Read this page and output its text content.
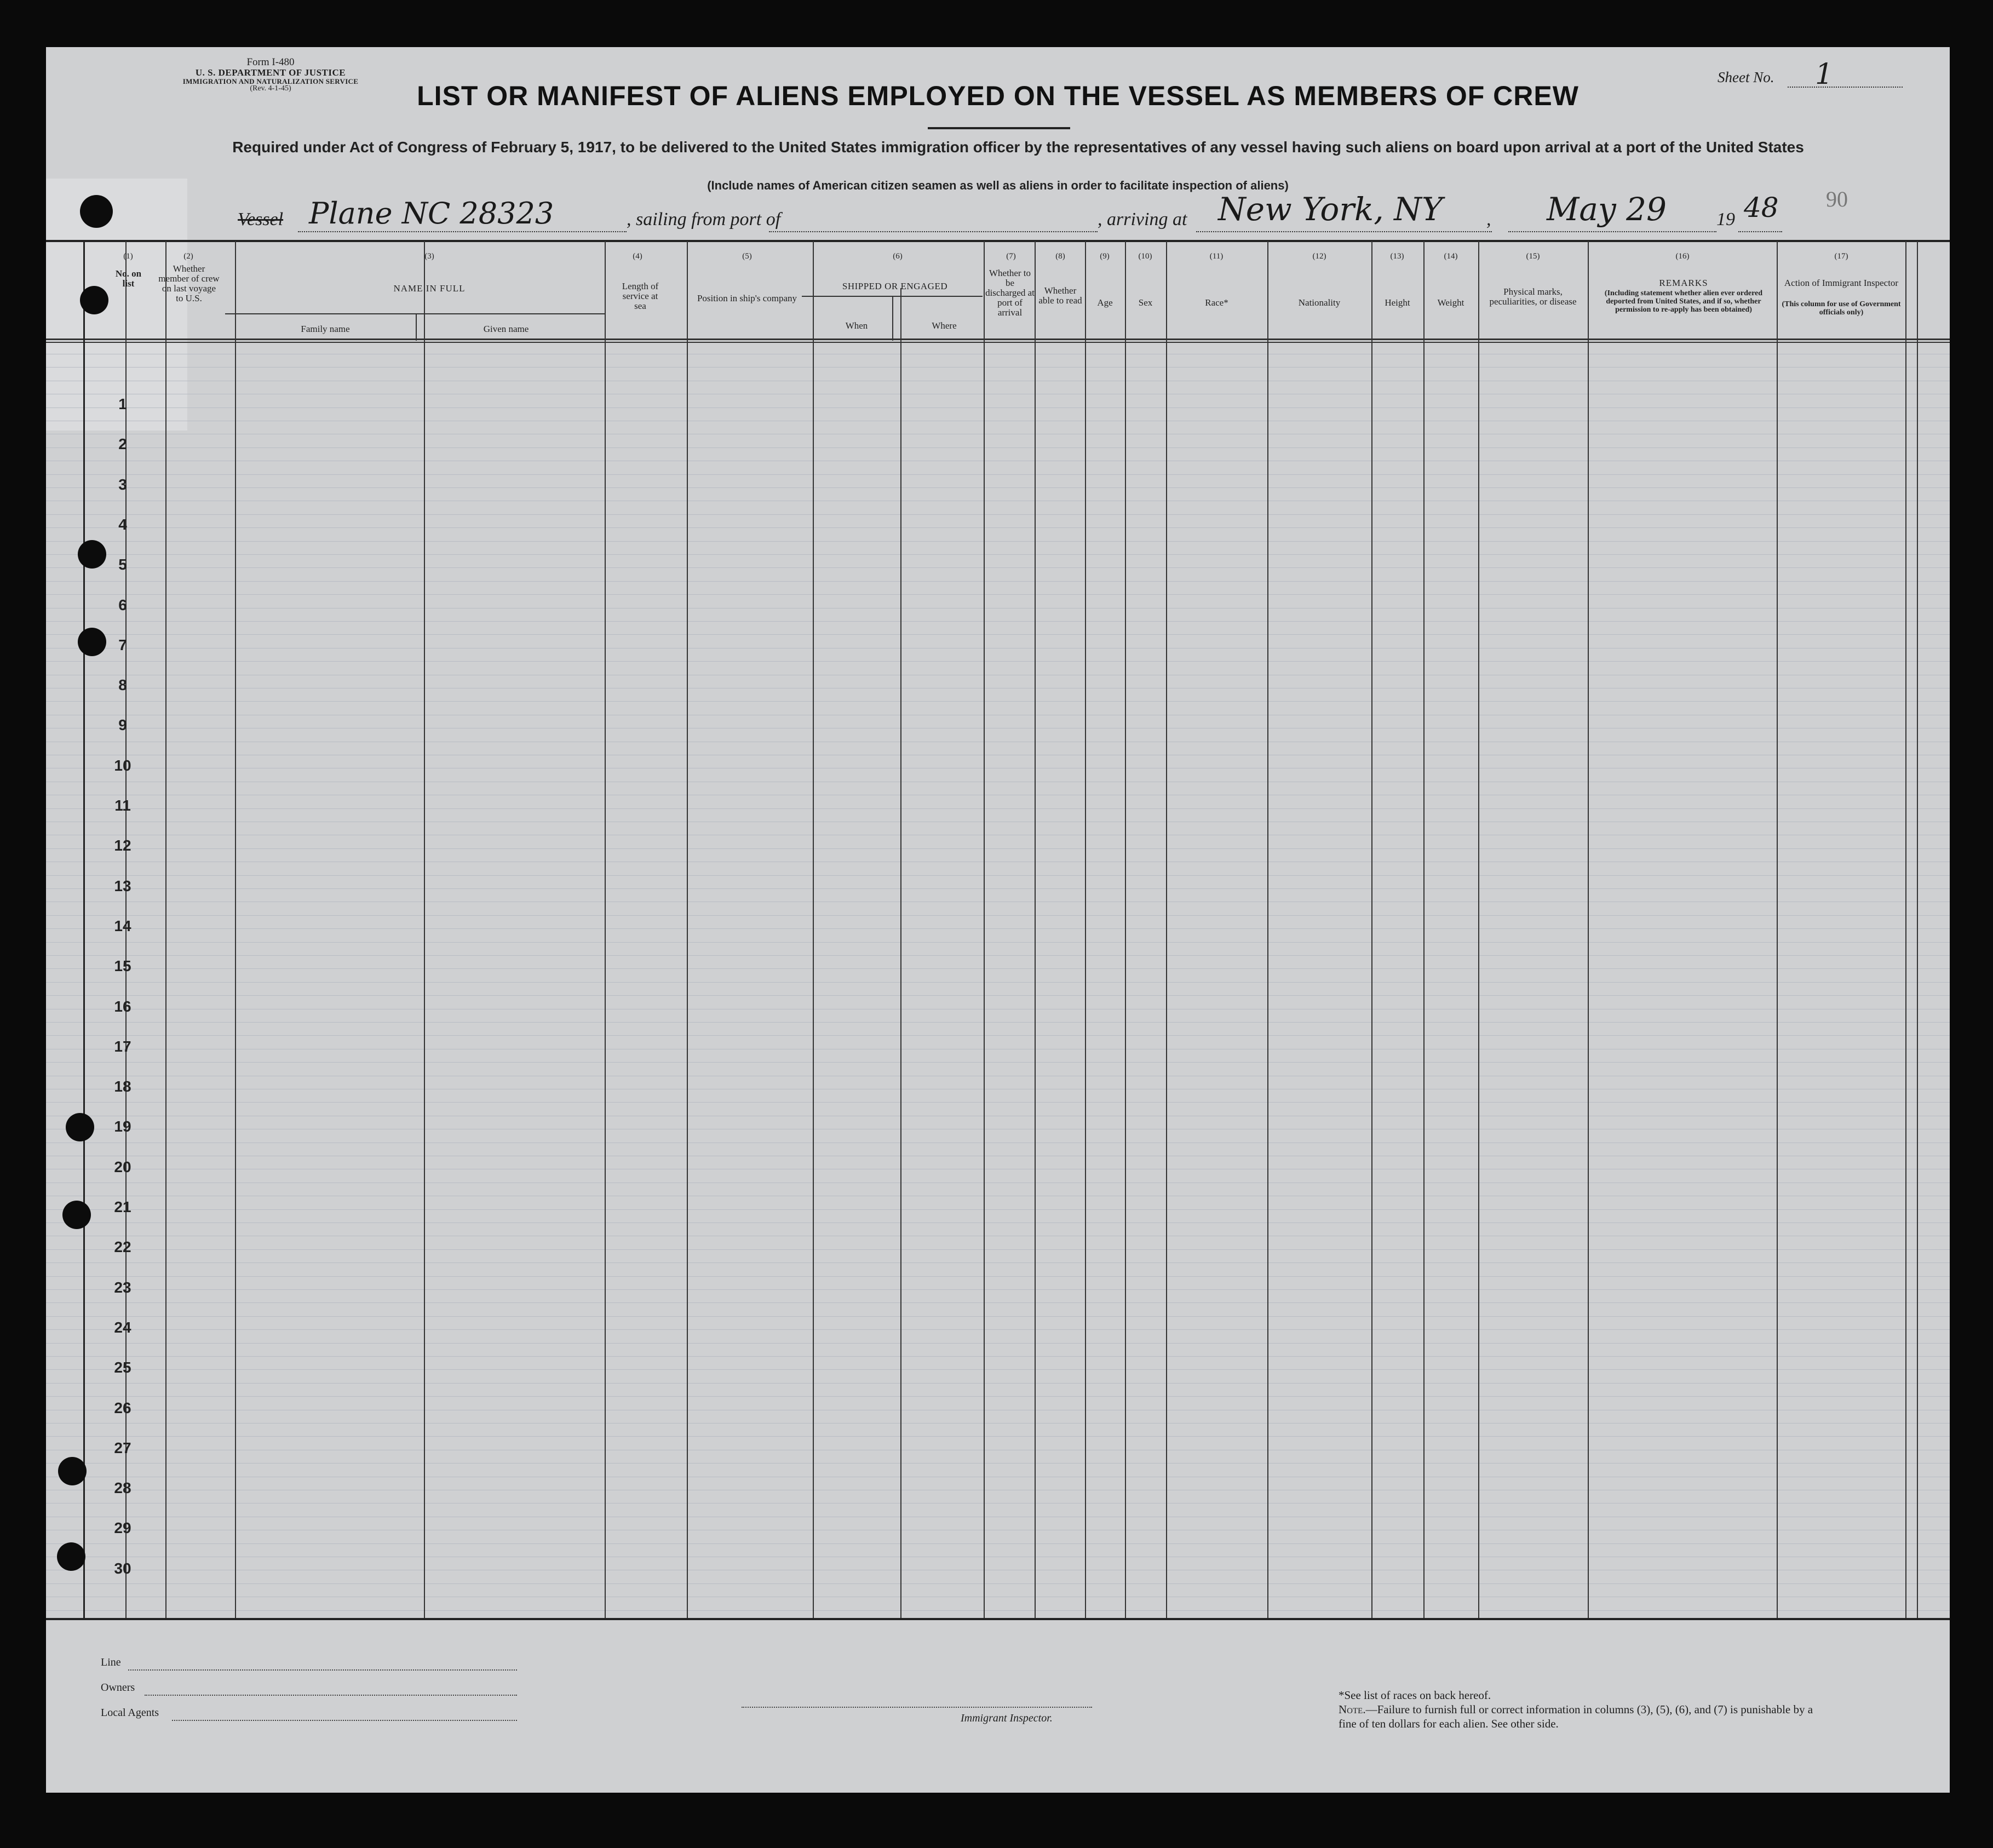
Form I-480
U. S. DEPARTMENT OF JUSTICE
IMMIGRATION AND NATURALIZATION SERVICE
(Rev. 4-1-45)
Sheet No. 1
LIST OR MANIFEST OF ALIENS EMPLOYED ON THE VESSEL AS MEMBERS OF CREW
Required under Act of Congress of February 5, 1917, to be delivered to the United States immigration officer by the representatives of any vessel having such aliens on board upon arrival at a port of the United States
(Include names of American citizen seamen as well as aliens in order to facilitate inspection of aliens)
90
Vessel Plane NC 28323	, sailing from port of	, arriving at New York, NY , May 29	19 48
(1)
No. on list
(2)
Whether member of crew on last voyage to U.S.
(3)
NAME IN FULL
Family name	Given name
(4)
Length of service at sea
(5)
Position in ship's company
(6)
SHIPPED OR ENGAGED
When	Where
(7)
Whether to be discharged at port of arrival
(8)
Whether able to read
(9)
Age
(10)
Sex
(11)
Race*
(12)
Nationality
(13)
Height
(14)
Weight
(15)
Physical marks, peculiarities, or disease
(16)
REMARKS
(Including statement whether alien ever ordered deported from United States, and if so, whether permission to re-apply has been obtained)
(17)
Action of Immigrant Inspector
(This column for use of Government officials only)
1
2
3
4
5
6
7
8
9
10
11
12
13
14
15
16
17
18
19
20
21
22
23
24
25
26
27
28
29
30
Line
Owners
Local Agents	Immigrant Inspector.
*See list of races on back hereof.
Note.—Failure to furnish full or correct information in columns (3), (5), (6), and (7) is punishable by a fine of ten dollars for each alien. See other side.
